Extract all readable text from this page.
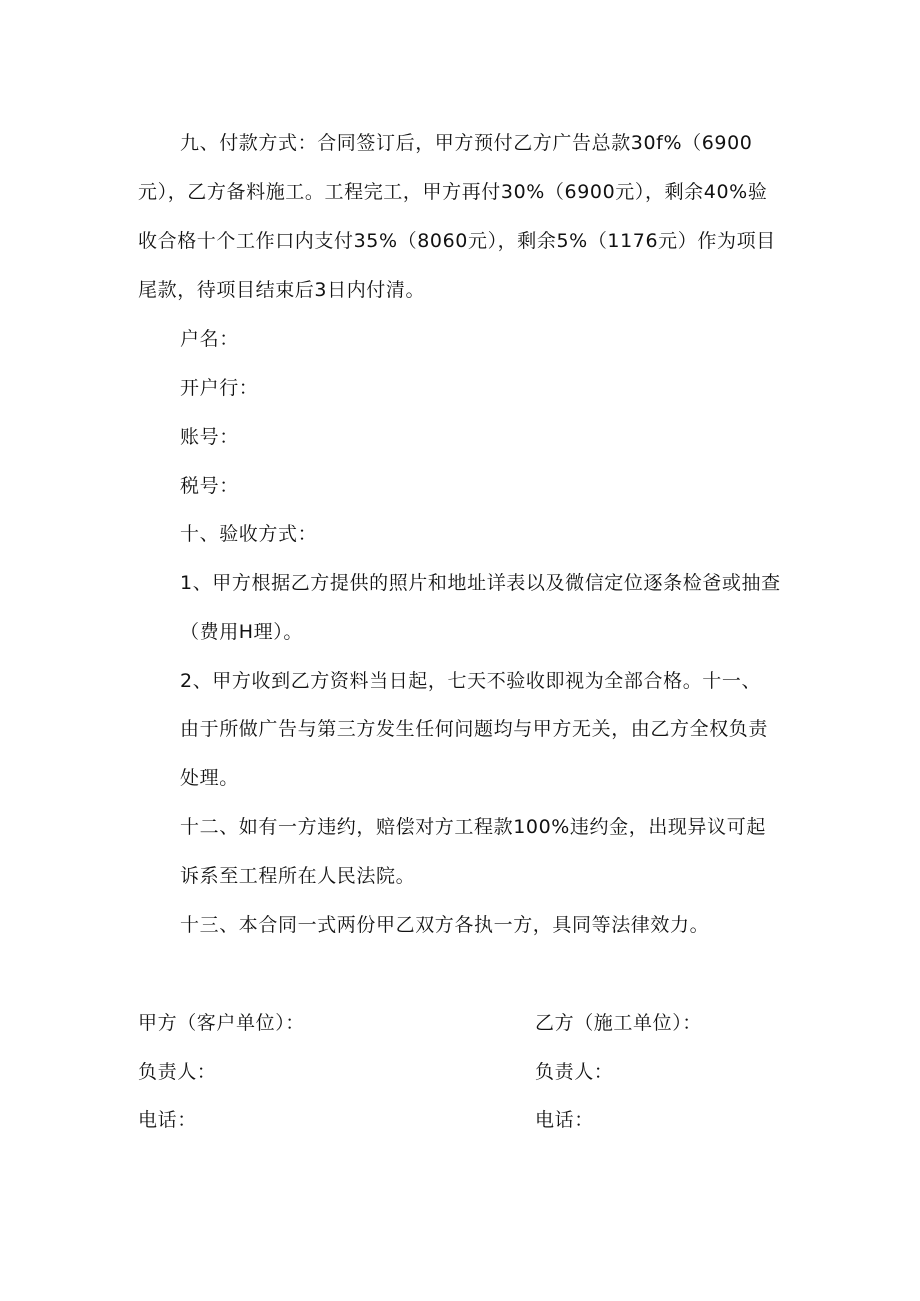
九、付款方式：合同签订后，甲方预付乙方广告总款30f%（6900
元），乙方备料施工。工程完工，甲方再付30%（6900元），剩余40%验
收合格十个工作口内支付35%（8060元），剩余5%（1176元）作为项目
尾款，待项目结束后3日内付清。
户名：
开户行：
账号：
税号：
十、验收方式：
1、甲方根据乙方提供的照片和地址详表以及微信定位逐条检爸或抽查
（费用H理）。
2、甲方收到乙方资料当日起，七天不验收即视为全部合格。十一、
由于所做广告与第三方发生任何问题均与甲方无关，由乙方全权负责
处理。
十二、如有一方违约，赔偿对方工程款100%违约金，出现异议可起
诉系至工程所在人民法院。
十三、本合同一式两份甲乙双方各执一方，具同等法律效力。
甲方（客户单位）：	乙方（施工单位）：
负责人：	负责人：
电话：	电话：
